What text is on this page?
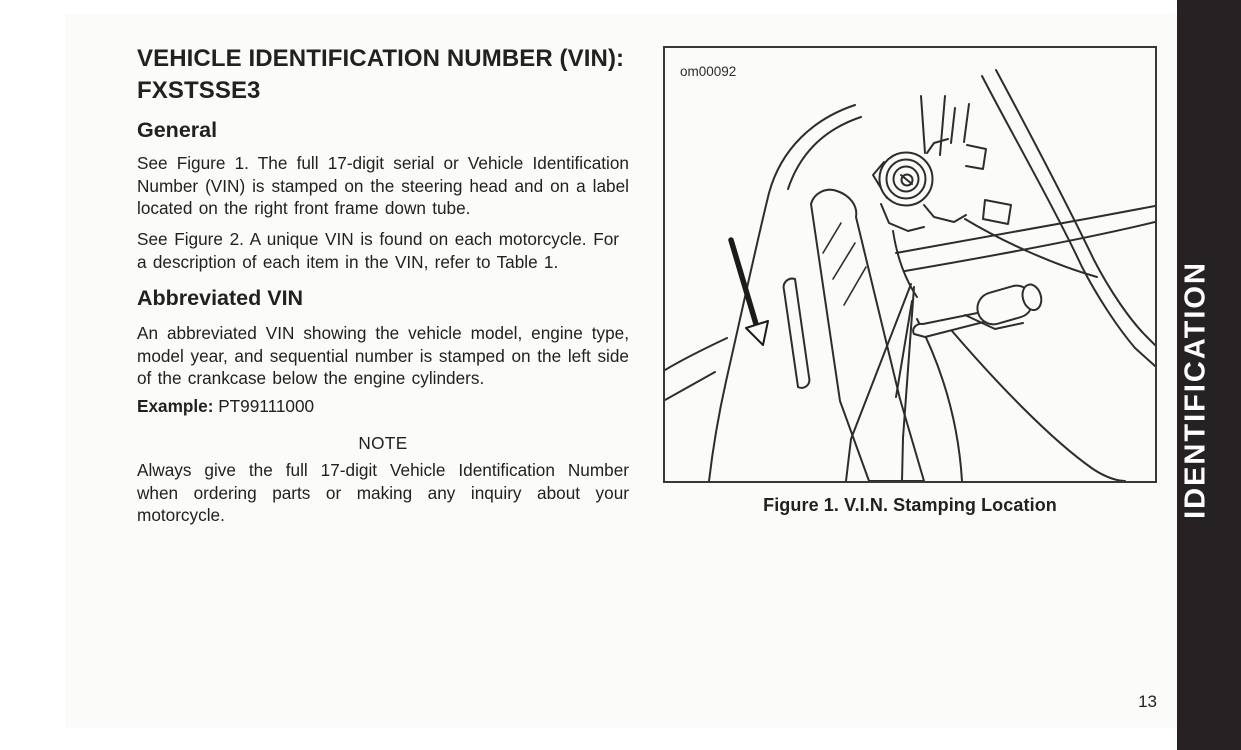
VEHICLE IDENTIFICATION NUMBER (VIN): FXSTSSE3
General

See Figure 1. The full 17-digit serial or Vehicle Identification Number (VIN) is stamped on the steering head and on a label located on the right front frame down tube.

See Figure 2. A unique VIN is found on each motorcycle. For a description of each item in the VIN, refer to Table 1.

Abbreviated VIN

An abbreviated VIN showing the vehicle model, engine type, model year, and sequential number is stamped on the left side of the crankcase below the engine cylinders.

Example: PT99111000

NOTE

Always give the full 17-digit Vehicle Identification Number when ordering parts or making any inquiry about your motorcycle.

om00092
Figure 1. V.I.N. Stamping Location	IDENTIFICATION
13
